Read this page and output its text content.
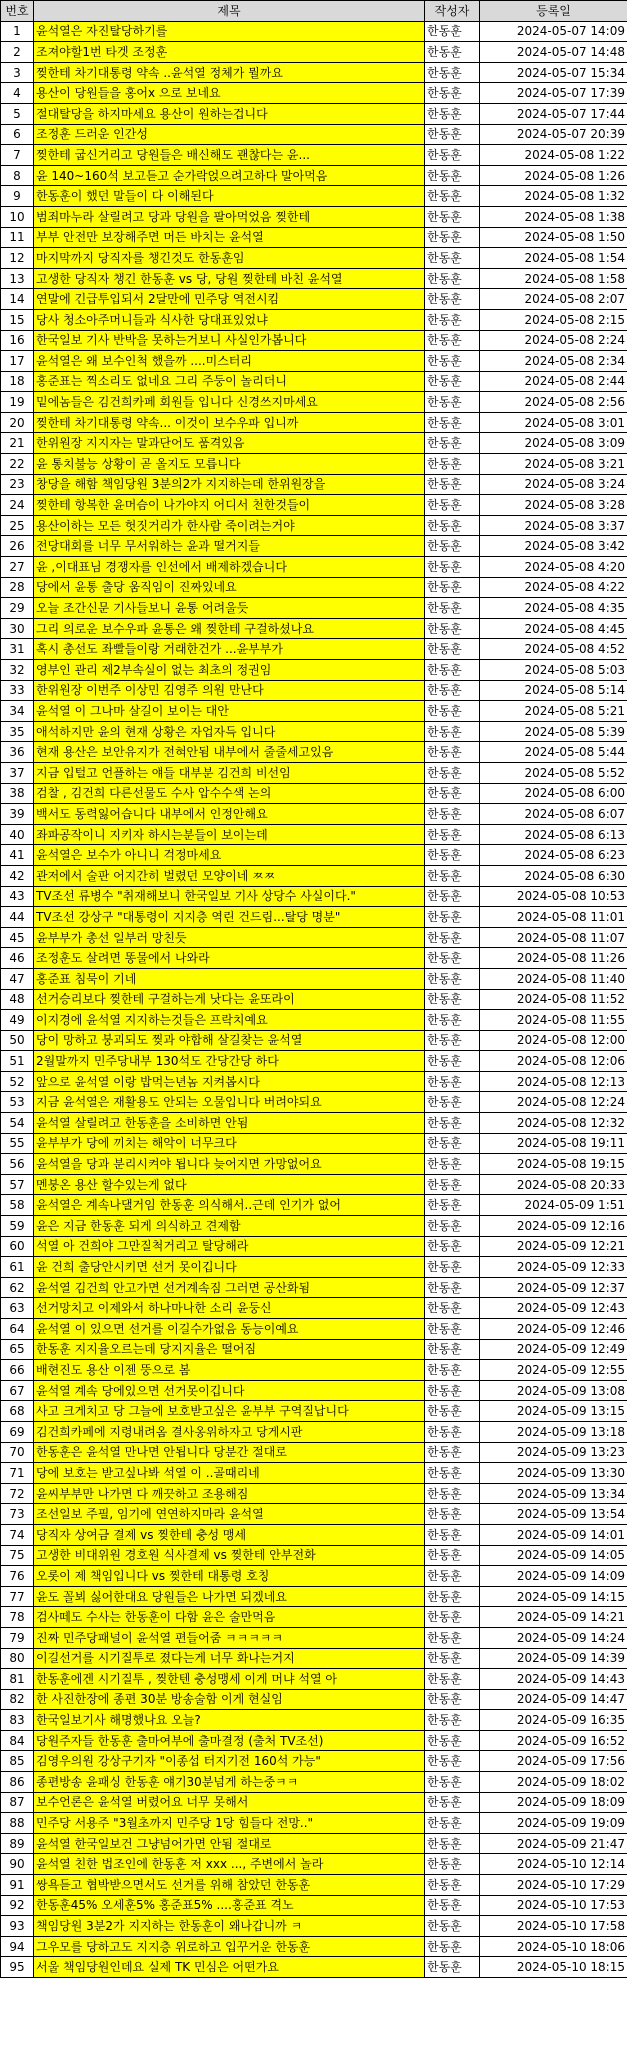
번호	제목	작성자	등록일
1	윤석열은 자진탈당하기를	한동훈	2024-05-07 14:09
2	조져야할1번 타겟 조정훈	한동훈	2024-05-07 14:48
3	찢한테 차기대통령 약속 ..윤석열 정체가 뭘까요	한동훈	2024-05-07 15:34
4	용산이 당원들을 홍어x 으로 보네요	한동훈	2024-05-07 17:39
5	절대탈당을 하지마세요 용산이 원하는겁니다	한동훈	2024-05-07 17:44
6	조정훈 드러운 인간성	한동훈	2024-05-07 20:39
7	찢한테 굽신거리고 당원들은 배신해도 괜찮다는 윤...	한동훈	2024-05-08 1:22
8	윤 140~160석 보고듣고 순가락얹으려고하다 말아먹음	한동훈	2024-05-08 1:26
9	한동훈이 했던 말들이 다 이해된다	한동훈	2024-05-08 1:32
10	범죄마누라 살릴려고 당과 당원을 팔아먹었음 찢한테	한동훈	2024-05-08 1:38
11	부부 안전만 보장해주면 머든 바치는 윤석열	한동훈	2024-05-08 1:50
12	마지막까지 당직자를 챙긴것도 한동훈임	한동훈	2024-05-08 1:54
13	고생한 당직자 챙긴 한동훈 vs 당, 당원 찢한테 바친 윤석열	한동훈	2024-05-08 1:58
14	연말에 긴급투입되서 2달만에 민주당 역전시킴	한동훈	2024-05-08 2:07
15	당사 청소아주머니들과 식사한 당대표있었냐	한동훈	2024-05-08 2:15
16	한국일보 기사 반박을 못하는거보니 사실인가봅니다	한동훈	2024-05-08 2:24
17	윤석열은 왜 보수인척 했을까 ....미스터리	한동훈	2024-05-08 2:34
18	홍준표는 찍소리도 없네요 그리 주둥이 놀리더니	한동훈	2024-05-08 2:44
19	밑에놈들은 김건희카페 회원들 입니다 신경쓰지마세요	한동훈	2024-05-08 2:56
20	찢한테 차기대통령 약속... 이것이 보수우파 입니까	한동훈	2024-05-08 3:01
21	한위원장 지지자는 말과단어도 품격있음	한동훈	2024-05-08 3:09
22	윤 통치불능 상황이 곧 올지도 모릅니다	한동훈	2024-05-08 3:21
23	창당을 해함 책임당원 3분의2가 지지하는데 한위원장을	한동훈	2024-05-08 3:24
24	찢한테 항복한 윤머슴이 나가야지 어디서 천한것들이	한동훈	2024-05-08 3:28
25	용산이하는 모든 헛짓거리가 한사람 죽이려는거야	한동훈	2024-05-08 3:37
26	전당대회를 너무 무서워하는 윤과 떨거지들	한동훈	2024-05-08 3:42
27	윤 ,이대표님 경쟁자를 인선에서 배제하겠습니다	한동훈	2024-05-08 4:20
28	당에서 윤통 출당 움직임이 진짜있네요	한동훈	2024-05-08 4:22
29	오늘 조간신문 기사들보니 윤통 어려울듯	한동훈	2024-05-08 4:35
30	그리 의로운 보수우파 윤통은 왜 찢한테 구걸하셨나요	한동훈	2024-05-08 4:45
31	혹시 총선도 좌빨들이랑 거래한건가 ...윤부부가	한동훈	2024-05-08 4:52
32	영부인 관리 제2부속실이 없는 최초의 정권임	한동훈	2024-05-08 5:03
33	한위원장 이번주 이상민 김영주 의원 만난다	한동훈	2024-05-08 5:14
34	윤석열 이 그나마 살길이 보이는 대안	한동훈	2024-05-08 5:21
35	애석하지만 윤의 현재 상황은 자업자득 입니다	한동훈	2024-05-08 5:39
36	현재 용산은 보안유지가 전혀안됨 내부에서 줄줄세고있음	한동훈	2024-05-08 5:44
37	지금 입털고 언플하는 얘들 대부분 김건희 비선임	한동훈	2024-05-08 5:52
38	검찰 , 김건희 다른선물도 수사 압수수색 논의	한동훈	2024-05-08 6:00
39	백서도 동력잃어습니다 내부에서 인정안해요	한동훈	2024-05-08 6:07
40	좌파공작이니 지키자 하시는분들이 보이는데	한동훈	2024-05-08 6:13
41	윤석열은 보수가 아니니 걱정마세요	한동훈	2024-05-08 6:23
42	관저에서 술판 어지간히 벌렸던 모양이네 ㅉㅉ	한동훈	2024-05-08 6:30
43	TV조선 류병수 "취재해보니 한국일보 기사 상당수 사실이다."	한동훈	2024-05-08 10:53
44	TV조선 강상구 "대통령이 지지층 역린 건드림...탈당 명분"	한동훈	2024-05-08 11:01
45	윤부부가 총선 일부러 망친듯	한동훈	2024-05-08 11:07
46	조정훈도 살려면 똥물에서 나와라	한동훈	2024-05-08 11:26
47	홍준표 침묵이 기네	한동훈	2024-05-08 11:40
48	선거승리보다 찢한테 구걸하는게 낫다는 윤또라이	한동훈	2024-05-08 11:52
49	이지경에 윤석열 지지하는것들은 프락치예요	한동훈	2024-05-08 11:55
50	당이 망하고 붕괴되도 찢과 야합해 살길찾는 윤석열	한동훈	2024-05-08 12:00
51	2월말까지 민주당내부 130석도 간당간당 하다	한동훈	2024-05-08 12:06
52	앞으로 윤석열 이랑 밥먹는년놈 지켜봅시다	한동훈	2024-05-08 12:13
53	지금 윤석열은 재활용도 안되는 오물입니다 버려야되요	한동훈	2024-05-08 12:24
54	윤석열 살릴려고 한동훈을 소비하면 안됨	한동훈	2024-05-08 12:32
55	윤부부가 당에 끼치는 해악이 너무크다	한동훈	2024-05-08 19:11
56	윤석열을 당과 분리시켜야 됩니다 늦어지면 가망없어요	한동훈	2024-05-08 19:15
57	멘붕온 용산 할수있는게 없다	한동훈	2024-05-08 20:33
58	윤석열은 계속나댈거임 한동훈 의식해서..근데 인기가 없어	한동훈	2024-05-09 1:51
59	윤은 지금 한동훈 되게 의식하고 견제함	한동훈	2024-05-09 12:16
60	석열 아 건희야 그만질척거리고 탈당해라	한동훈	2024-05-09 12:21
61	윤 건희 출당안시키면 선거 못이깁니다	한동훈	2024-05-09 12:33
62	윤석열 김건희 안고가면 선거계속짐 그러면 공산화됨	한동훈	2024-05-09 12:37
63	선거망치고 이제와서 하나마나한 소리 윤둥신	한동훈	2024-05-09 12:43
64	윤석열 이 있으면 선거를 이길수가없음 동능이예요	한동훈	2024-05-09 12:46
65	한동훈 지지율오르는데 당지지율은 떨어짐	한동훈	2024-05-09 12:49
66	배현진도 용산 이젠 뚱으로 봄	한동훈	2024-05-09 12:55
67	윤석열 계속 당에있으면 선거못이깁니다	한동훈	2024-05-09 13:08
68	사고 크게치고 당 그늘에 보호받고싶은 윤부부 구역질납니다	한동훈	2024-05-09 13:15
69	김건희카페에 지령내려옴 결사옹위하자고 당게시판	한동훈	2024-05-09 13:18
70	한동훈은 윤석열 만나면 안됩니다 당분간 절대로	한동훈	2024-05-09 13:23
71	당에 보호는 받고싶나봐 석열 이 ..골때리네	한동훈	2024-05-09 13:30
72	윤씨부부만 나가면 다 깨끗하고 조용해짐	한동훈	2024-05-09 13:34
73	조선일보 주필, 임기에 연연하지마라 윤석열	한동훈	2024-05-09 13:54
74	당직자 상여금 결제 vs 찢한테 충성 맹세	한동훈	2024-05-09 14:01
75	고생한 비대위원 경호원 식사결제 vs 찢한테 안부전화	한동훈	2024-05-09 14:05
76	오롯이 제 책임입니다 vs 찢한테 대통령 호칭	한동훈	2024-05-09 14:09
77	윤도 꼴뵈 싫어한대요 당원들은 나가면 되겠네요	한동훈	2024-05-09 14:15
78	검사떼도 수사는 한동훈이 다함 윤은 술만먹음	한동훈	2024-05-09 14:21
79	진짜 민주당패널이 윤석열 편들어줌 ㅋㅋㅋㅋㅋ	한동훈	2024-05-09 14:24
80	이길선거를 시기질투로 졌다는게 너무 화나는거지	한동훈	2024-05-09 14:39
81	한동훈에겐 시기질투 , 찢한텐 충성맹세 이게 머냐 석열 아	한동훈	2024-05-09 14:43
82	한 사진한장에 종편 30분 방송술함 이게 현실임	한동훈	2024-05-09 14:47
83	한국일보기사 해명했나요 오늘?	한동훈	2024-05-09 16:35
84	당원주자들 한동훈 출마여부에 출마결정 (출처 TV조선)	한동훈	2024-05-09 16:52
85	김영우의원 강상구기자 "이종섭 터지기전 160석 가능"	한동훈	2024-05-09 17:56
86	종편방송 윤패싱 한동훈 얘기30분넘게 하는중ㅋㅋ	한동훈	2024-05-09 18:02
87	보수언론은 윤석열 버렸어요 너무 못해서	한동훈	2024-05-09 18:09
88	민주당 서용주 "3월초까지 민주당 1당 힘들다 전망.."	한동훈	2024-05-09 19:09
89	윤석열 한국일보건 그냥넘어가면 안됨 절대로	한동훈	2024-05-09 21:47
90	윤석열 친한 법조인에 한동훈 저 xxx ..., 주변에서 놀라	한동훈	2024-05-10 12:14
91	쌍욕듣고 협박받으면서도 선거를 위해 참았던 한동훈	한동훈	2024-05-10 17:29
92	한동훈45% 오세훈5% 홍준표5% ....홍준표 격노	한동훈	2024-05-10 17:53
93	책임당원 3분2가 지지하는 한동훈이 왜나갑니까 ㅋ	한동훈	2024-05-10 17:58
94	그우모를 당하고도 지지층 위로하고 입꾸거운 한동훈	한동훈	2024-05-10 18:06
95	서울 책임당원인데요 실제 TK 민심은 어떤가요	한동훈	2024-05-10 18:15
